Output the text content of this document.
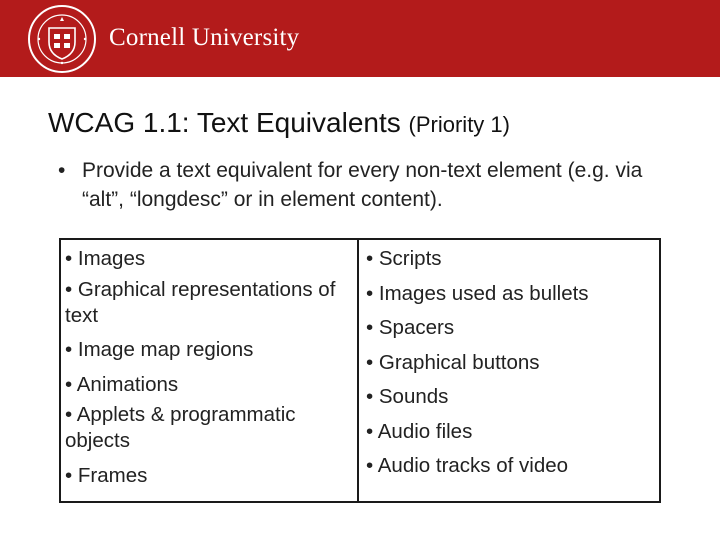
Cornell University
WCAG 1.1: Text Equivalents (Priority 1)
• Provide a text equivalent for every non-text element (e.g. via “alt”, “longdesc” or in element content).
• Images
• Graphical representations of text
• Image map regions
• Animations
• Applets & programmatic objects
• Frames
• Scripts
• Images used as bullets
• Spacers
• Graphical buttons
• Sounds
• Audio files
• Audio tracks of video
